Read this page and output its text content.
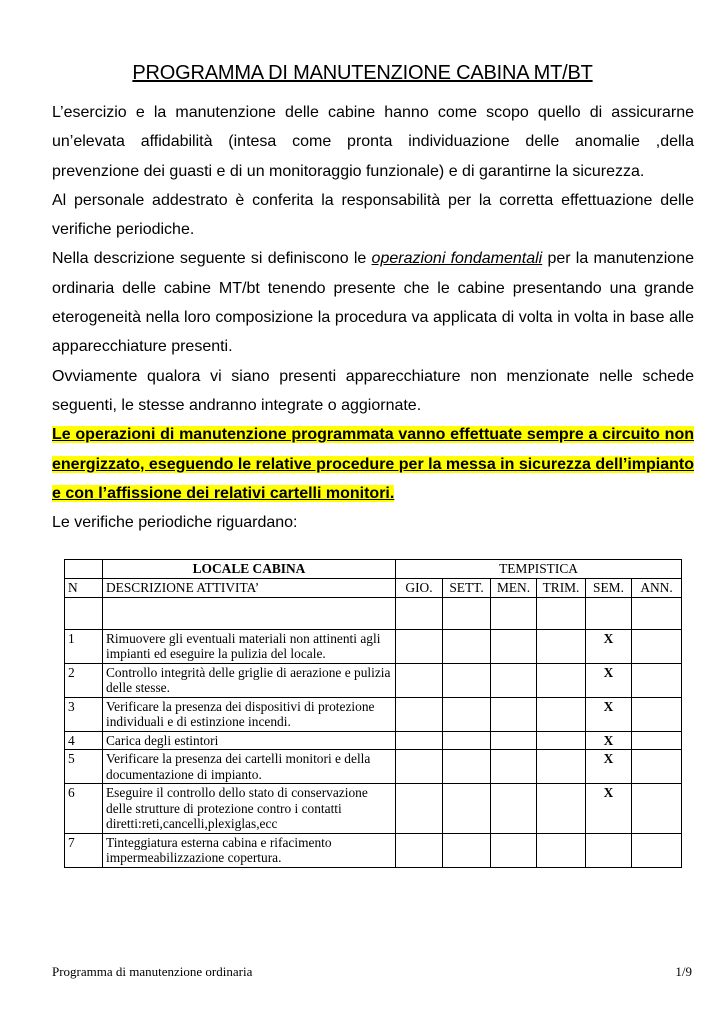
PROGRAMMA DI MANUTENZIONE CABINA MT/BT

L’esercizio e la manutenzione delle cabine hanno come scopo quello di assicurarne un’elevata affidabilità (intesa come pronta individuazione delle anomalie ,della prevenzione dei guasti e di un monitoraggio funzionale) e di garantirne la sicurezza.

Al personale addestrato è conferita la responsabilità per la corretta effettuazione delle verifiche periodiche.

Nella descrizione seguente si definiscono le operazioni fondamentali per la manutenzione ordinaria delle cabine MT/bt tenendo presente che le cabine presentando una grande eterogeneità nella loro composizione la procedura va applicata di volta in volta in base alle apparecchiature presenti.

Ovviamente qualora vi siano presenti apparecchiature non menzionate nelle schede seguenti, le stesse andranno integrate o aggiornate.

Le operazioni di manutenzione programmata vanno effettuate sempre a circuito non energizzato, eseguendo le relative procedure per la messa in sicurezza dell’impianto e con l’affissione dei relativi cartelli monitori.

Le verifiche periodiche riguardano:

	LOCALE CABINA	TEMPISTICA					
N	DESCRIZIONE ATTIVITA’	GIO.	SETT.	MEN.	TRIM.	SEM.	ANN.

1	Rimuovere gli eventuali materiali non attinenti agli impianti ed eseguire la pulizia del locale.					X	
2	Controllo integrità delle griglie di aerazione e pulizia delle stesse.					X	
3	Verificare la presenza dei dispositivi di protezione individuali e di estinzione incendi.					X	
4	Carica degli estintori					X	
5	Verificare la presenza dei cartelli monitori e della documentazione di impianto.					X	
6	Eseguire il controllo dello stato di conservazione delle strutture di protezione contro i contatti diretti:reti,cancelli,plexiglas,ecc					X	
7	Tinteggiatura esterna cabina e rifacimento impermeabilizzazione copertura.						
Programma di manutenzione ordinaria	1/9
